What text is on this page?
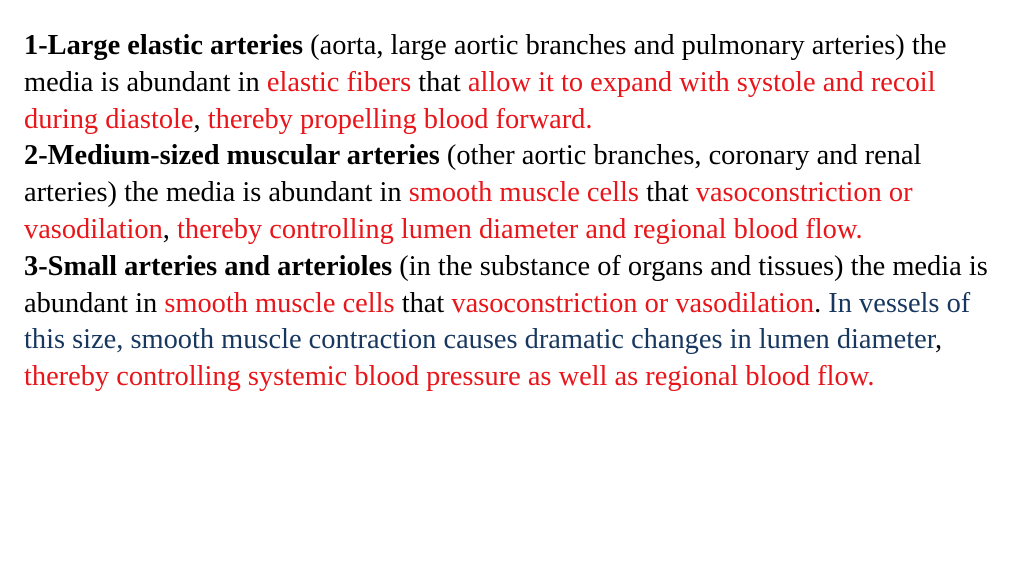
1-Large elastic arteries (aorta, large aortic branches and pulmonary arteries) the media is abundant in elastic fibers that allow it to expand with systole and recoil during diastole, thereby propelling blood forward.

2-Medium-sized muscular arteries (other aortic branches, coronary and renal arteries) the media is abundant in smooth muscle cells that vasoconstriction or vasodilation, thereby controlling lumen diameter and regional blood flow.

3-Small arteries and arterioles (in the substance of organs and tissues) the media is abundant in smooth muscle cells that vasoconstriction or vasodilation. In vessels of this size, smooth muscle contraction causes dramatic changes in lumen diameter, thereby controlling systemic blood pressure as well as regional blood flow.
